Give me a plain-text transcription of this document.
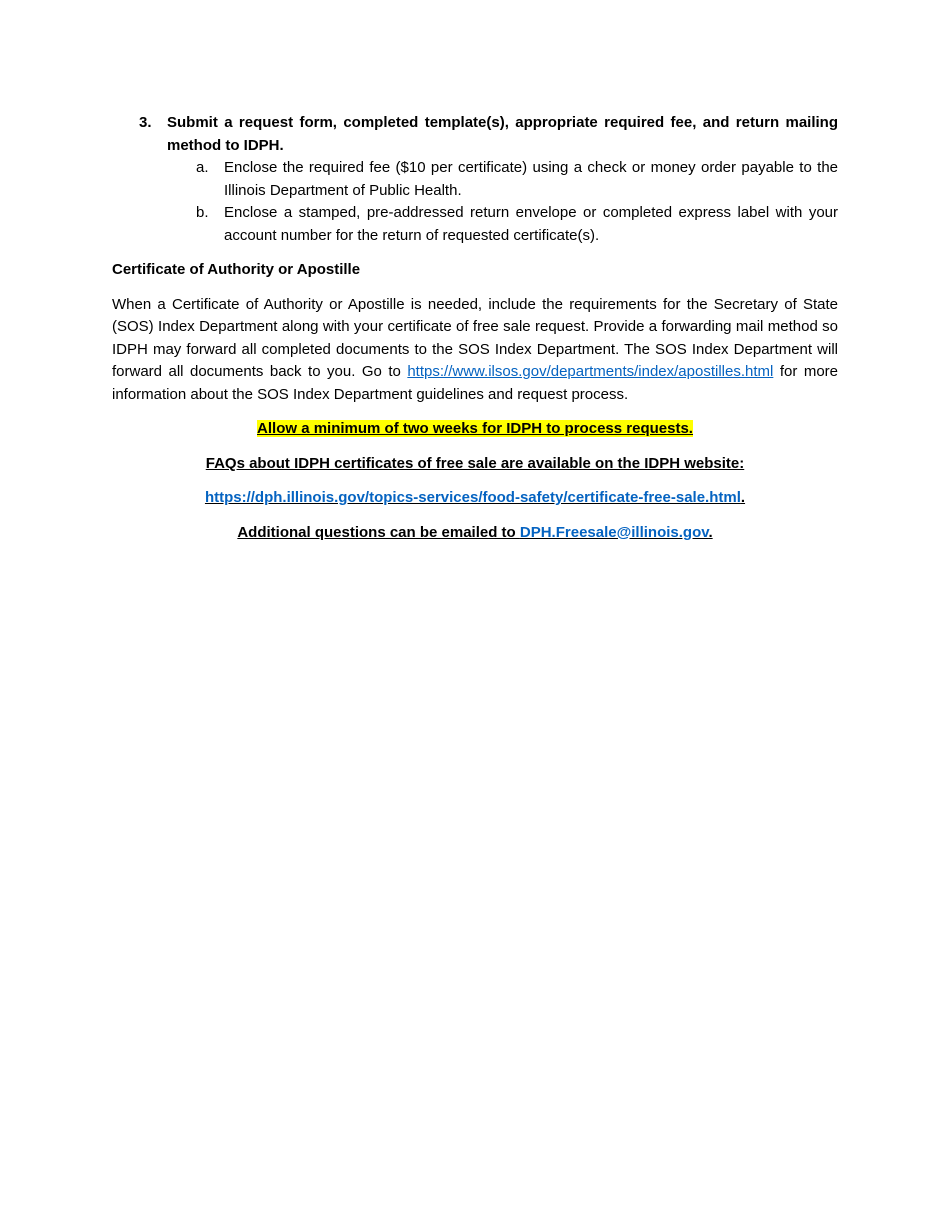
3. Submit a request form, completed template(s), appropriate required fee, and return mailing method to IDPH.
a. Enclose the required fee ($10 per certificate) using a check or money order payable to the Illinois Department of Public Health.
b. Enclose a stamped, pre-addressed return envelope or completed express label with your account number for the return of requested certificate(s).
Certificate of Authority or Apostille
When a Certificate of Authority or Apostille is needed, include the requirements for the Secretary of State (SOS) Index Department along with your certificate of free sale request. Provide a forwarding mail method so IDPH may forward all completed documents to the SOS Index Department. The SOS Index Department will forward all documents back to you. Go to https://www.ilsos.gov/departments/index/apostilles.html for more information about the SOS Index Department guidelines and request process.
Allow a minimum of two weeks for IDPH to process requests.
FAQs about IDPH certificates of free sale are available on the IDPH website:
https://dph.illinois.gov/topics-services/food-safety/certificate-free-sale.html.
Additional questions can be emailed to DPH.Freesale@illinois.gov.
